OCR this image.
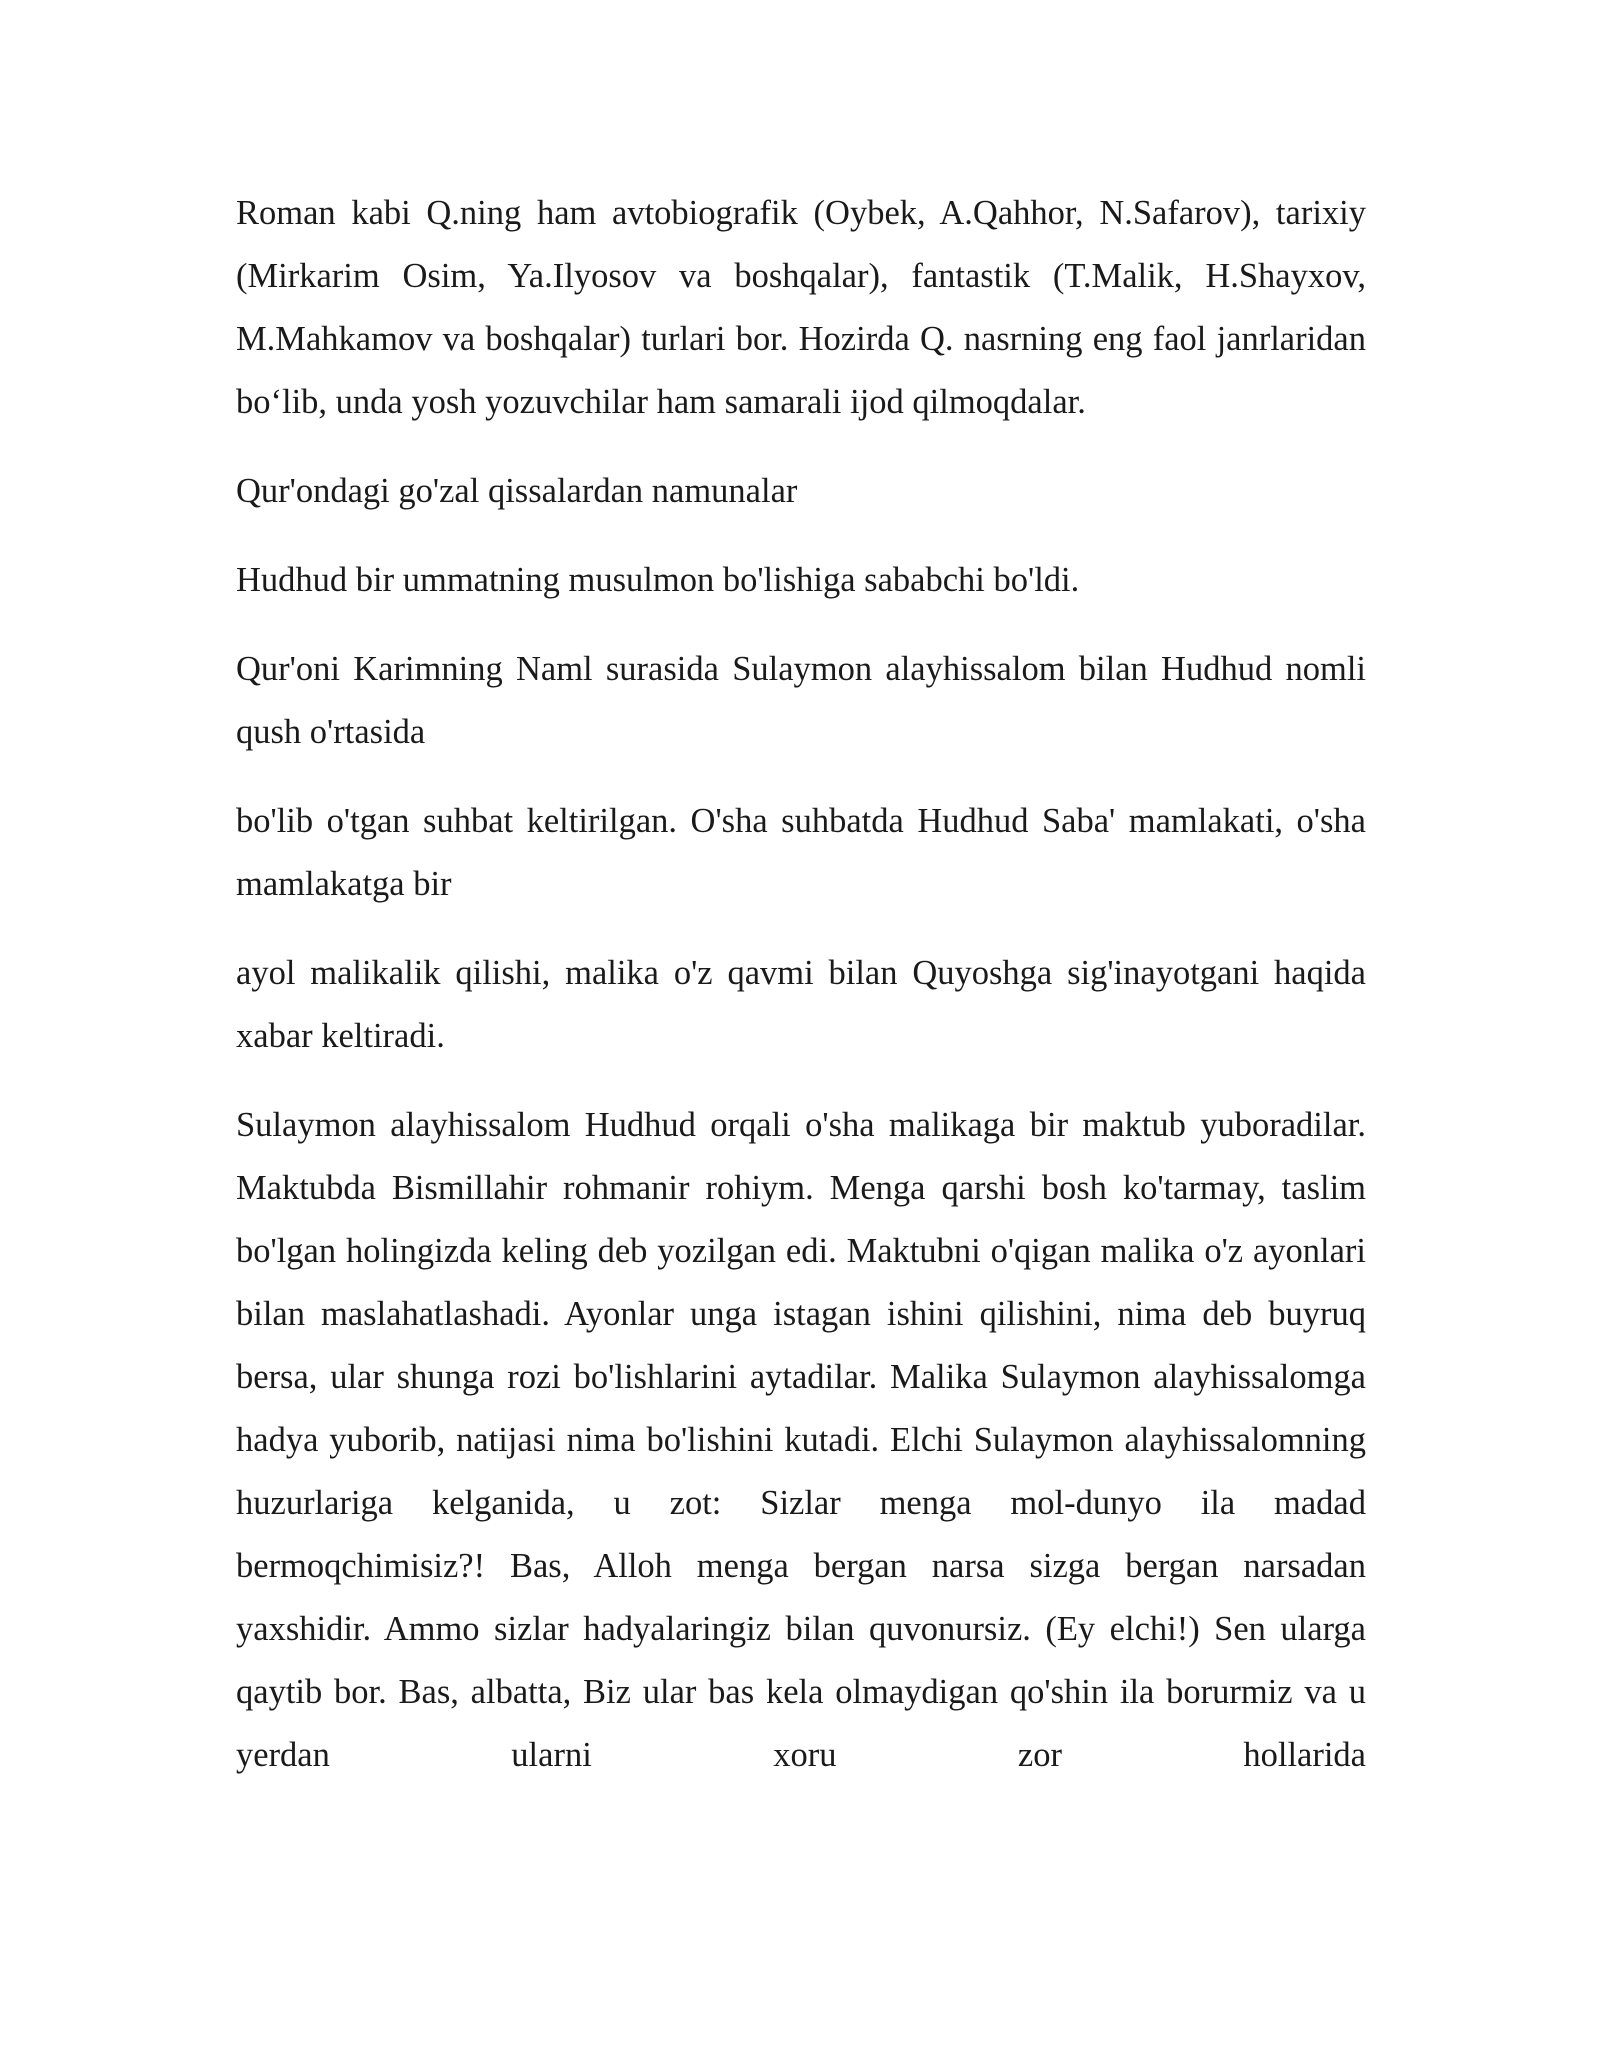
Roman kabi Q.ning ham avtobiografik (Oybek, A.Qahhor, N.Safarov), tarixiy (Mirkarim Osim, Ya.Ilyosov va boshqalar), fantastik (T.Malik, H.Shayxov, M.Mahkamov va boshqalar) turlari bor. Hozirda Q. nasrning eng faol janrlaridan bo‘lib, unda yosh yozuvchilar ham samarali ijod qilmoqdalar.

Qur'ondagi go'zal qissalardan namunalar

Hudhud bir ummatning musulmon bo'lishiga sababchi bo'ldi.

Qur'oni Karimning Naml surasida Sulaymon alayhissalom bilan Hudhud nomli qush o'rtasida

bo'lib o'tgan suhbat keltirilgan. O'sha suhbatda Hudhud Saba' mamlakati, o'sha mamlakatga bir

ayol malikalik qilishi, malika o'z qavmi bilan Quyoshga sig'inayotgani haqida xabar keltiradi.

Sulaymon alayhissalom Hudhud orqali o'sha malikaga bir maktub yuboradilar. Maktubda Bismillahir rohmanir rohiym. Menga qarshi bosh ko'tarmay, taslim bo'lgan holingizda keling deb yozilgan edi. Maktubni o'qigan malika o'z ayonlari bilan maslahatlashadi. Ayonlar unga istagan ishini qilishini, nima deb buyruq bersa, ular shunga rozi bo'lishlarini aytadilar. Malika Sulaymon alayhissalomga hadya yuborib, natijasi nima bo'lishini kutadi. Elchi Sulaymon alayhissalomning huzurlariga kelganida, u zot: Sizlar menga mol-dunyo ila madad bermoqchimisiz?! Bas, Alloh menga bergan narsa sizga bergan narsadan yaxshidir. Ammo sizlar hadyalaringiz bilan quvonursiz. (Ey elchi!) Sen ularga qaytib bor. Bas, albatta, Biz ular bas kela olmaydigan qo'shin ila borurmiz va u yerdan ularni xoru zor hollarida
